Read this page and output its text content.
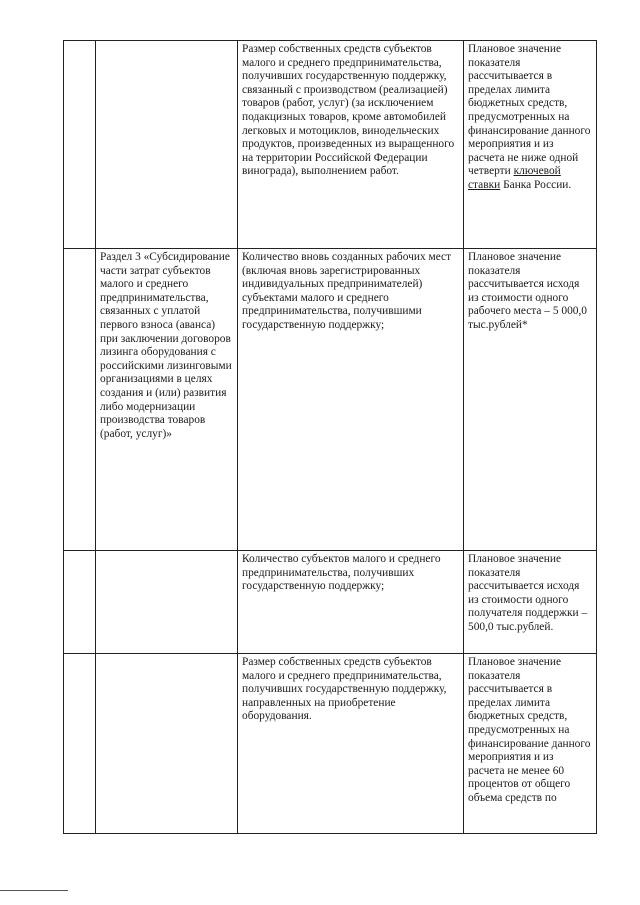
		Размер собственных средств субъектов малого и среднего предпринимательства, получивших государственную поддержку, связанный с производством (реализацией) товаров (работ, услуг) (за исключением подакцизных товаров, кроме автомобилей легковых и мотоциклов, винодельческих продуктов, произведенных из выращенного на территории Российской Федерации винограда), выполнением работ.	Плановое значение показателя рассчитывается в пределах лимита бюджетных средств, предусмотренных на финансирование данного мероприятия и из расчета не ниже одной четверти ключевой ставки Банка России.

	Раздел 3 «Субсидирование части затрат субъектов малого и среднего предпринимательства, связанных с уплатой первого взноса (аванса) при заключении договоров лизинга оборудования с российскими лизинговыми организациями в целях создания и (или) развития либо модернизации производства товаров (работ, услуг)»	Количество вновь созданных рабочих мест (включая вновь зарегистрированных индивидуальных предпринимателей) субъектами малого и среднего предпринимательства, получившими государственную поддержку;	Плановое значение показателя рассчитывается исходя из стоимости одного рабочего места – 5 000,0 тыс.рублей*

		Количество субъектов малого и среднего предпринимательства, получивших государственную поддержку;	Плановое значение показателя рассчитывается исходя из стоимости одного получателя поддержки – 500,0 тыс.рублей.

		Размер собственных средств субъектов малого и среднего предпринимательства, получивших государственную поддержку, направленных на приобретение оборудования.	Плановое значение показателя рассчитывается в пределах лимита бюджетных средств, предусмотренных на финансирование данного мероприятия и из расчета не менее 60 процентов от общего объема средств по
